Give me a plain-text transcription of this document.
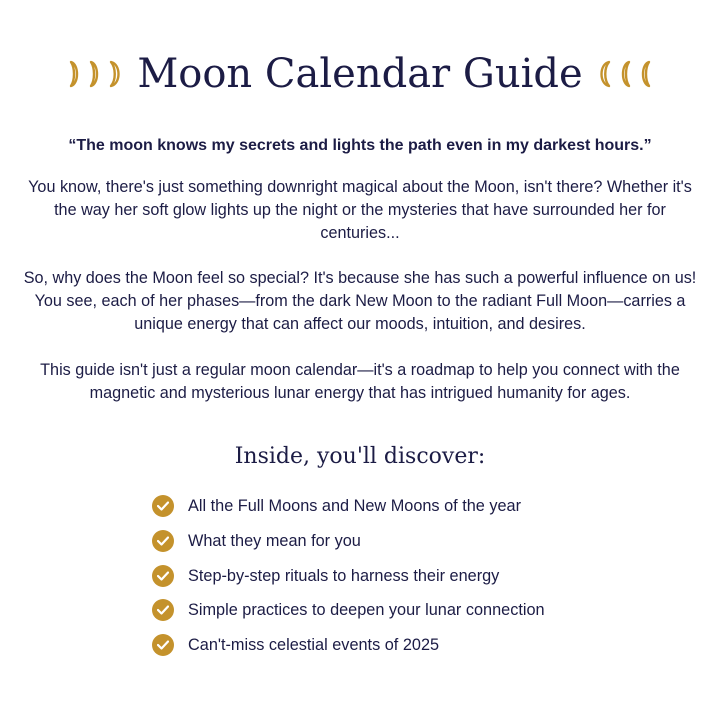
Moon Calendar Guide
“The moon knows my secrets and lights the path even in my darkest hours.”

You know, there's just something downright magical about the Moon, isn't there? Whether it's the way her soft glow lights up the night or the mysteries that have surrounded her for centuries...

So, why does the Moon feel so special? It's because she has such a powerful influence on us! You see, each of her phases—from the dark New Moon to the radiant Full Moon—carries a unique energy that can affect our moods, intuition, and desires.

This guide isn't just a regular moon calendar—it's a roadmap to help you connect with the magnetic and mysterious lunar energy that has intrigued humanity for ages.

Inside, you'll discover:
All the Full Moons and New Moons of the year
What they mean for you
Step-by-step rituals to harness their energy
Simple practices to deepen your lunar connection
Can't-miss celestial events of 2025
